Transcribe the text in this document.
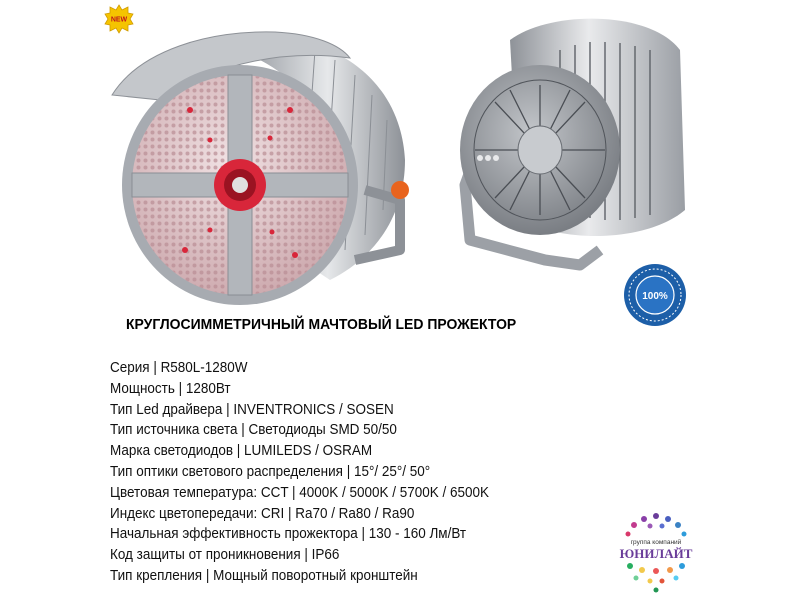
NEW
100%
КРУГЛОСИММЕТРИЧНЫЙ МАЧТОВЫЙ LED ПРОЖЕКТОР
Серия | R580L-1280W
Мощность | 1280Вт
Тип Led драйвера | INVENTRONICS / SOSEN
Тип источника света | Светодиоды SMD 50/50
Марка светодиодов | LUMILEDS / OSRAM
Тип оптики светового распределения | 15°/ 25°/ 50°
Цветовая температура: CCT | 4000K / 5000K / 5700K / 6500K
Индекс цветопередачи: CRI | Ra70 / Ra80 / Ra90
Начальная эффективность прожектора | 130 - 160 Лм/Вт
Код защиты от проникновения | IP66
Тип крепления | Мощный поворотный кронштейн
группа компаний
ЮНИЛАЙТ
